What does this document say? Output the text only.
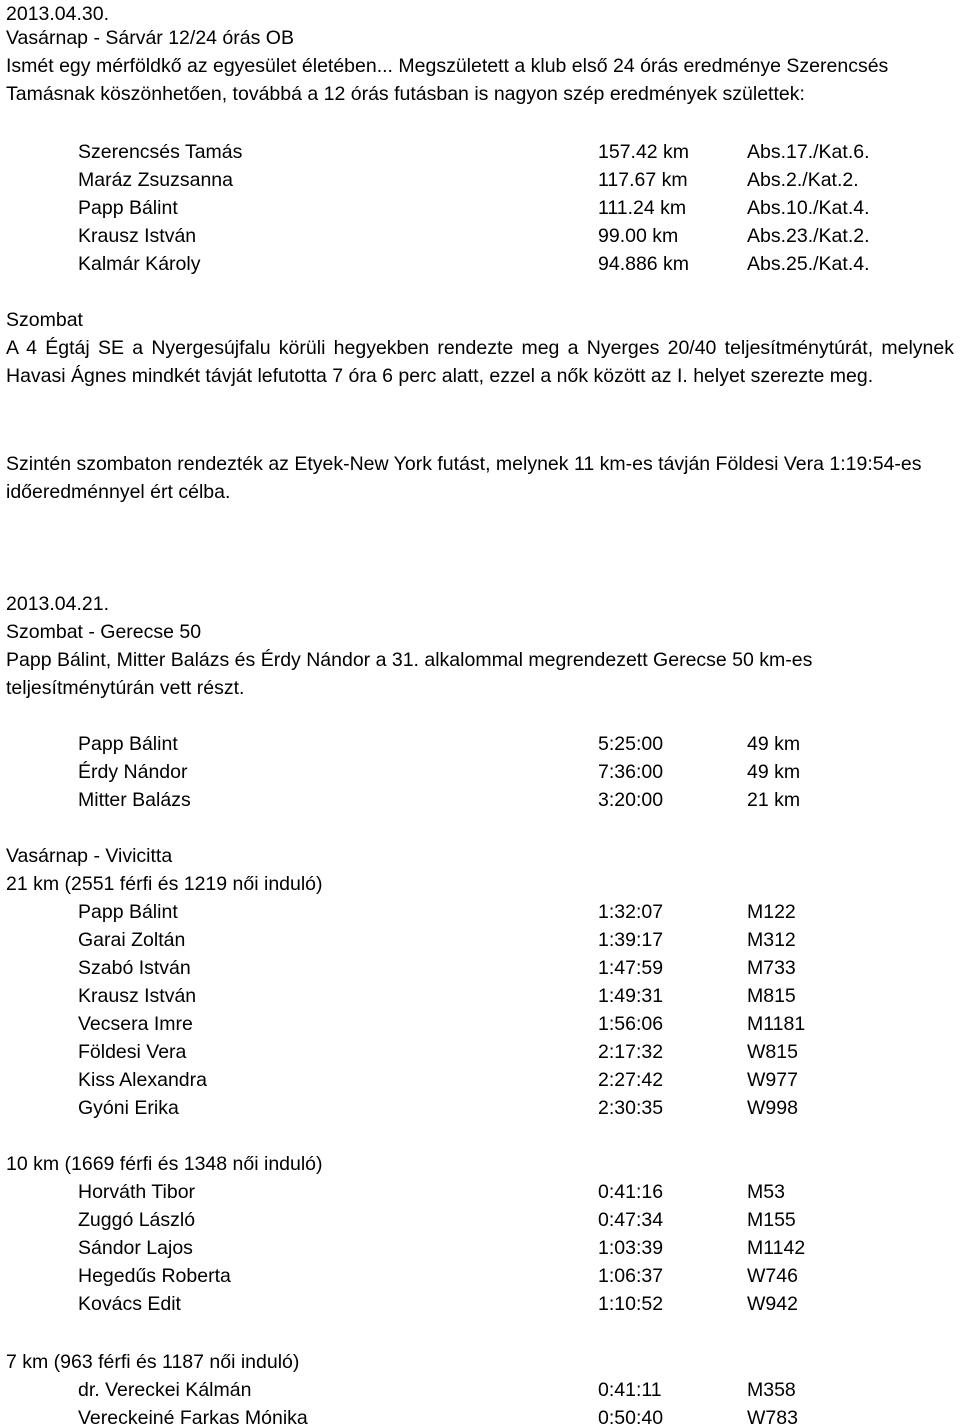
2013.04.30.
Vasárnap - Sárvár 12/24 órás OB
Ismét egy mérföldkő az egyesület életében... Megszületett a klub első 24 órás eredménye Szerencsés Tamásnak köszönhetően, továbbá a 12 órás futásban is nagyon szép eredmények születtek:
Szerencsés Tamás	157.42 km	Abs.17./Kat.6.
Maráz Zsuzsanna	117.67 km	Abs.2./Kat.2.
Papp Bálint	111.24 km	Abs.10./Kat.4.
Krausz István	99.00 km	Abs.23./Kat.2.
Kalmár Károly	94.886 km	Abs.25./Kat.4.
Szombat
A 4 Égtáj SE a Nyergesújfalu körüli hegyekben rendezte meg a Nyerges 20/40 teljesítménytúrát, melynek Havasi Ágnes mindkét távját lefutotta 7 óra 6 perc alatt, ezzel a nők között az I. helyet szerezte meg.
Szintén szombaton rendezték az Etyek-New York futást, melynek 11 km-es távján Földesi Vera 1:19:54-es időeredménnyel ért célba.
2013.04.21.
Szombat - Gerecse 50
Papp Bálint, Mitter Balázs és Érdy Nándor a 31. alkalommal megrendezett Gerecse 50 km-es teljesítménytúrán vett részt.
Papp Bálint	5:25:00	49 km
Érdy Nándor	7:36:00	49 km
Mitter Balázs	3:20:00	21 km
Vasárnap - Vivicitta
21 km (2551 férfi és 1219 női induló)
Papp Bálint	1:32:07	M122
Garai Zoltán	1:39:17	M312
Szabó István	1:47:59	M733
Krausz István	1:49:31	M815
Vecsera Imre	1:56:06	M1181
Földesi Vera	2:17:32	W815
Kiss Alexandra	2:27:42	W977
Gyóni Erika	2:30:35	W998
10 km (1669 férfi és 1348 női induló)
Horváth Tibor	0:41:16	M53
Zuggó László	0:47:34	M155
Sándor Lajos	1:03:39	M1142
Hegedűs Roberta	1:06:37	W746
Kovács Edit	1:10:52	W942
7 km (963 férfi és 1187 női induló)
dr. Vereckei Kálmán	0:41:11	M358
Vereckeiné Farkas Mónika	0:50:40	W783
